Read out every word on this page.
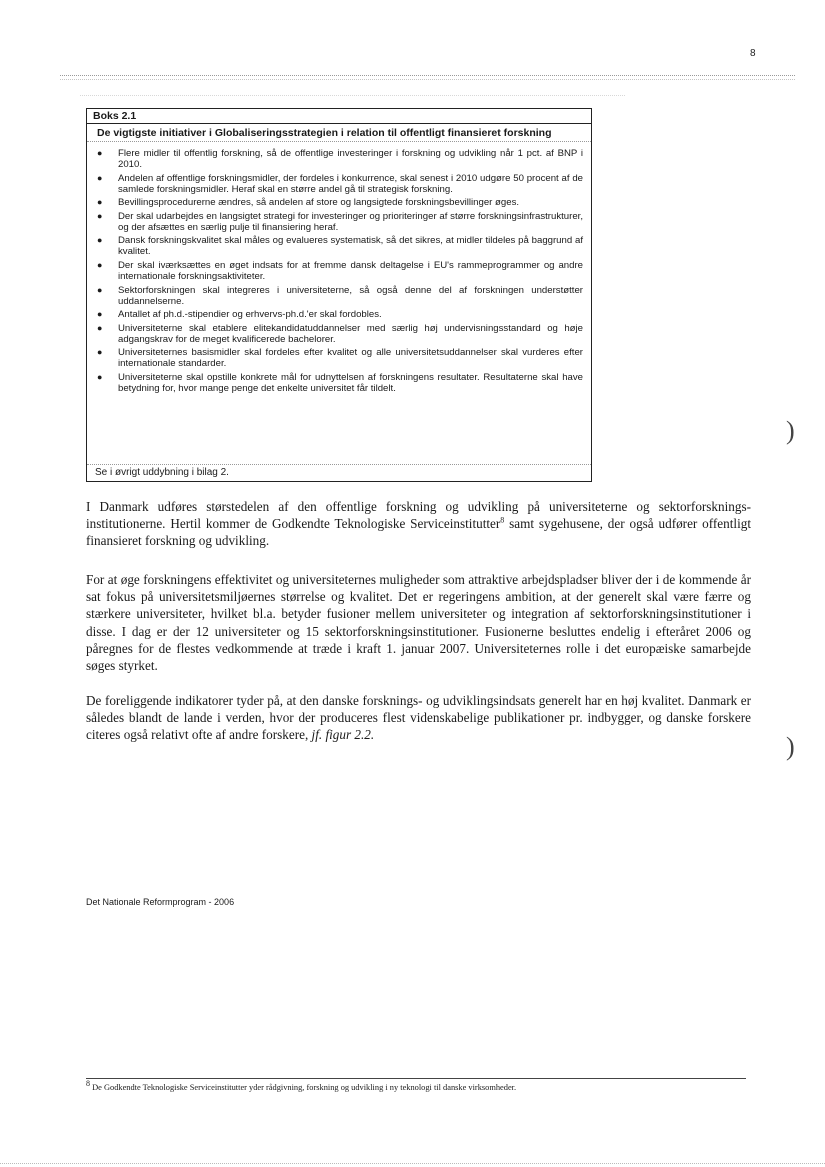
8
Boks 2.1
De vigtigste initiativer i Globaliseringsstrategien i relation til offentligt finansieret forskning
● Flere midler til offentlig forskning, så de offentlige investeringer i forskning og udvikling når 1 pct. af BNP i 2010.
● Andelen af offentlige forskningsmidler, der fordeles i konkurrence, skal senest i 2010 udgøre 50 procent af de samlede forskningsmidler. Heraf skal en større andel gå til strategisk forskning.
● Bevillingsprocedurerne ændres, så andelen af store og langsigtede forskningsbevillinger øges.
● Der skal udarbejdes en langsigtet strategi for investeringer og prioriteringer af større forskningsinfrastrukturer, og der afsættes en særlig pulje til finansiering heraf.
● Dansk forskningskvalitet skal måles og evalueres systematisk, så det sikres, at midler tildeles på baggrund af kvalitet.
● Der skal iværksættes en øget indsats for at fremme dansk deltagelse i EU's rammeprogrammer og andre internationale forskningsaktiviteter.
● Sektorforskningen skal integreres i universiteterne, så også denne del af forskningen understøtter uddannelserne.
● Antallet af ph.d.-stipendier og erhvervs-ph.d.'er skal fordobles.
● Universiteterne skal etablere elitekandidatuddannelser med særlig høj undervisningsstandard og høje adgangskrav for de meget kvalificerede bachelorer.
● Universiteternes basismidler skal fordeles efter kvalitet og alle universitetsuddannelser skal vurderes efter internationale standarder.
● Universiteterne skal opstille konkrete mål for udnyttelsen af forskningens resultater. Resultaterne skal have betydning for, hvor mange penge det enkelte universitet får tildelt.
Se i øvrigt uddybning i bilag 2.

I Danmark udføres størstedelen af den offentlige forskning og udvikling på universiteterne og sektorforsknings-institutionerne. Hertil kommer de Godkendte Teknologiske Serviceinstitutter$^8$ samt sygehusene, der også udfører offentligt finansieret forskning og udvikling.

For at øge forskningens effektivitet og universiteternes muligheder som attraktive arbejdspladser bliver der i de kommende år sat fokus på universitetsmiljøernes størrelse og kvalitet. Det er regeringens ambition, at der generelt skal være færre og stærkere universiteter, hvilket bl.a. betyder fusioner mellem universiteter og integration af sektorforskningsinstitutioner i disse. I dag er der 12 universiteter og 15 sektorforskningsinstitutioner. Fusionerne besluttes endelig i efteråret 2006 og påregnes for de flestes vedkommende at træde i kraft 1. januar 2007. Universiteternes rolle i det europæiske samarbejde søges styrket.

De foreliggende indikatorer tyder på, at den danske forsknings- og udviklingsindsats generelt har en høj kvalitet. Danmark er således blandt de lande i verden, hvor der produceres flest videnskabelige publikationer pr. indbygger, og danske forskere citeres også relativt ofte af andre forskere, jf. figur 2.2.

)
)
Det Nationale Reformprogram - 2006
$^8$ De Godkendte Teknologiske Serviceinstitutter yder rådgivning, forskning og udvikling i ny teknologi til danske virksomheder.
